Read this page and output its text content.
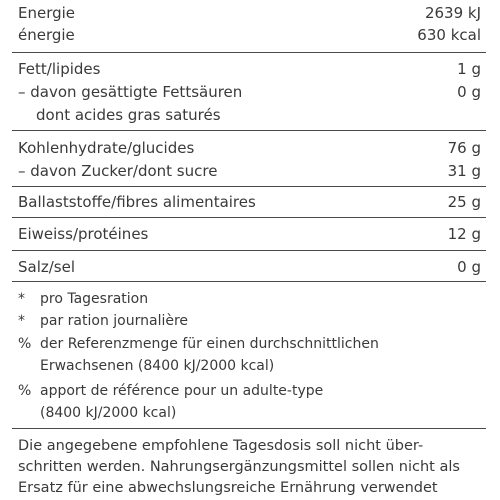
Energie	2639 kJ
énergie	630 kcal
Fett/lipides	1 g
– davon gesättigte Fettsäuren	0 g
dont acides gras saturés
Kohlenhydrate/glucides	76 g
– davon Zucker/dont sucre	31 g
Ballaststoffe/fibres alimentaires	25 g
Eiweiss/protéines	12 g
Salz/sel	0 g
* pro Tagesration
* par ration journalière
% der Referenzmenge für einen durchschnittlichen
Erwachsenen (8400 kJ/2000 kcal)
% apport de référence pour un adulte-type
(8400 kJ/2000 kcal)
Die angegebene empfohlene Tagesdosis soll nicht über-
schritten werden. Nahrungsergänzungsmittel sollen nicht als
Ersatz für eine abwechslungsreiche Ernährung verwendet
